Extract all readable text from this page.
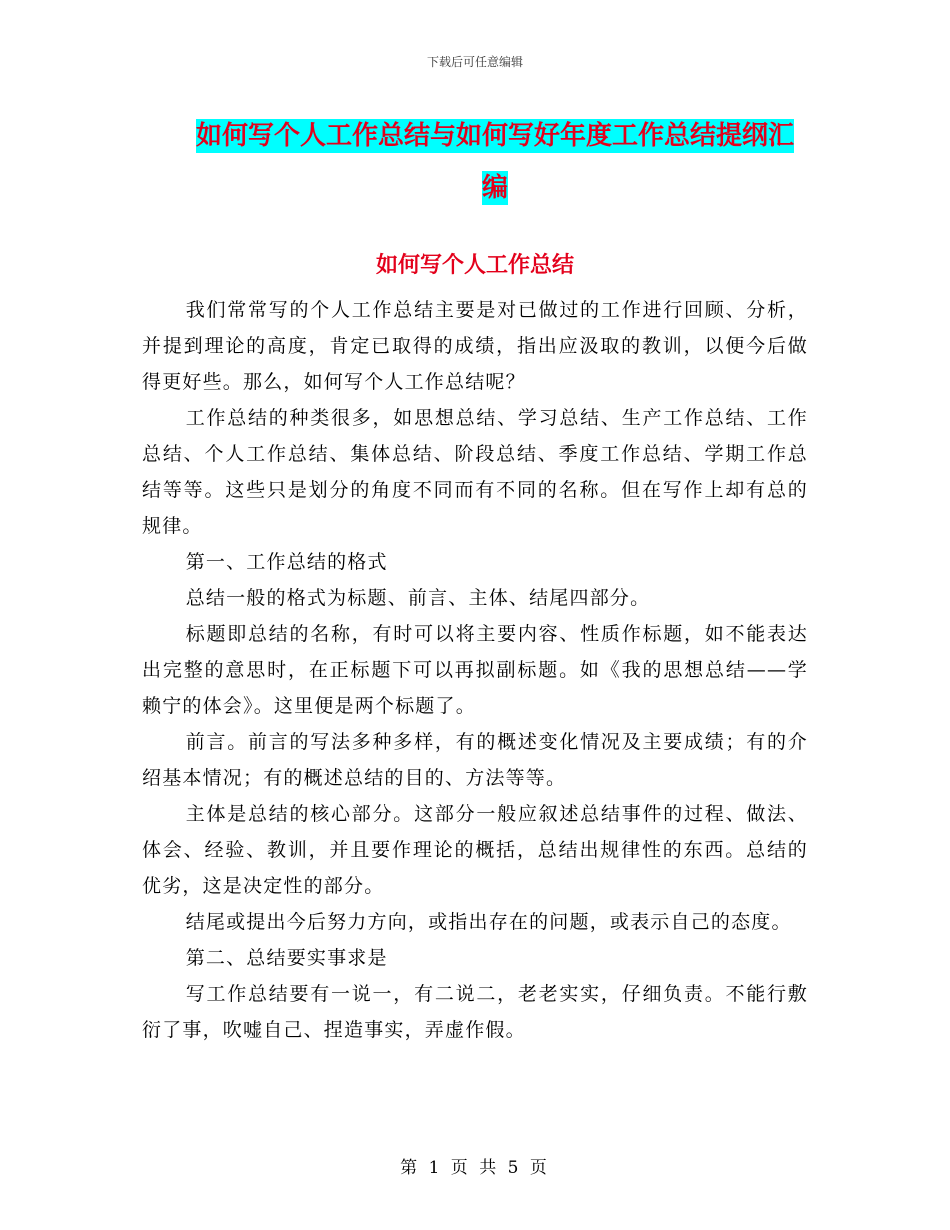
下载后可任意编辑
如何写个人工作总结与如何写好年度工作总结提纲汇
编
如何写个人工作总结

我们常常写的个人工作总结主要是对已做过的工作进行回顾、分析，并提到理论的高度，肯定已取得的成绩，指出应汲取的教训，以便今后做得更好些。那么，如何写个人工作总结呢？

工作总结的种类很多，如思想总结、学习总结、生产工作总结、工作总结、个人工作总结、集体总结、阶段总结、季度工作总结、学期工作总结等等。这些只是划分的角度不同而有不同的名称。但在写作上却有总的规律。

第一、工作总结的格式

总结一般的格式为标题、前言、主体、结尾四部分。

标题即总结的名称，有时可以将主要内容、性质作标题，如不能表达出完整的意思时，在正标题下可以再拟副标题。如《我的思想总结——学赖宁的体会》。这里便是两个标题了。

前言。前言的写法多种多样，有的概述变化情况及主要成绩；有的介绍基本情况；有的概述总结的目的、方法等等。

主体是总结的核心部分。这部分一般应叙述总结事件的过程、做法、体会、经验、教训，并且要作理论的概括，总结出规律性的东西。总结的优劣，这是决定性的部分。

结尾或提出今后努力方向，或指出存在的问题，或表示自己的态度。

第二、总结要实事求是

写工作总结要有一说一，有二说二，老老实实，仔细负责。不能行敷衍了事，吹嘘自己、捏造事实，弄虚作假。

第 1 页 共 5 页
